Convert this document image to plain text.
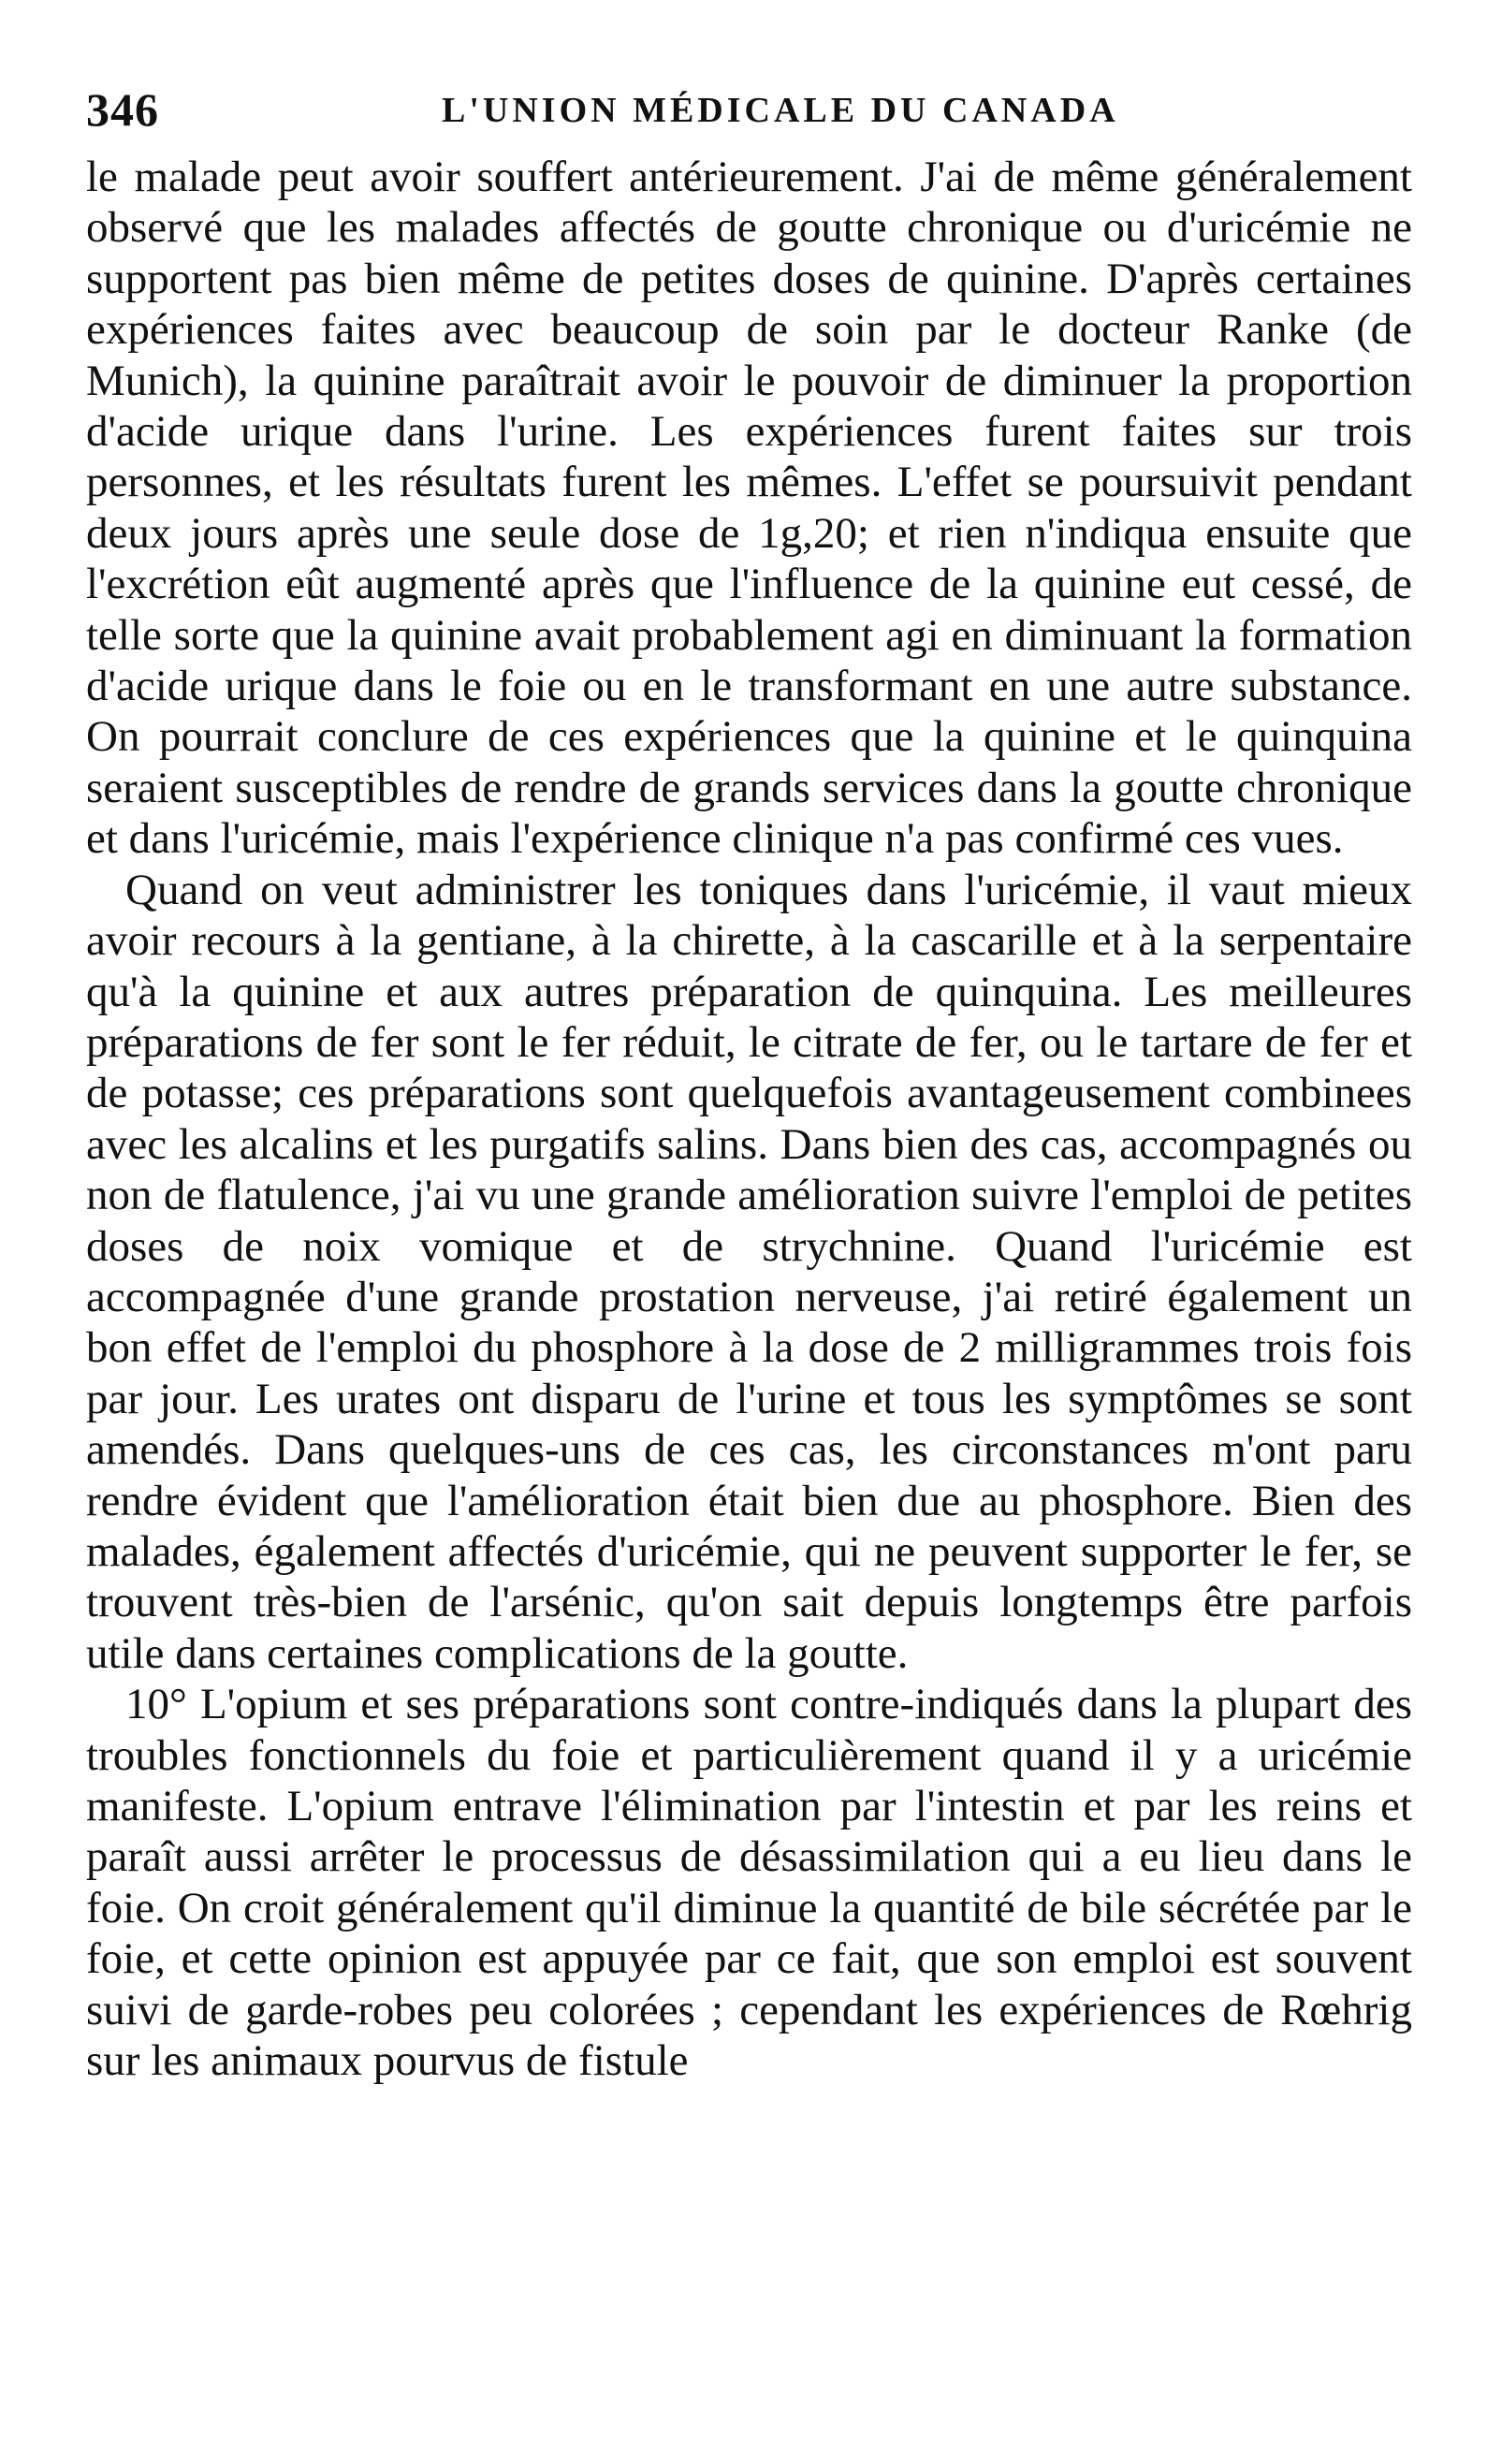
346	L'UNION MÉDICALE DU CANADA

le malade peut avoir souffert antérieurement. J'ai de même généralement observé que les malades affectés de goutte chronique ou d'uricémie ne supportent pas bien même de petites doses de quinine. D'après certaines expériences faites avec beaucoup de soin par le docteur Ranke (de Munich), la quinine paraîtrait avoir le pouvoir de diminuer la proportion d'acide urique dans l'urine. Les expériences furent faites sur trois personnes, et les résultats furent les mêmes. L'effet se poursuivit pendant deux jours après une seule dose de 1g,20; et rien n'indiqua ensuite que l'excrétion eût augmenté après que l'influence de la quinine eut cessé, de telle sorte que la quinine avait probablement agi en diminuant la formation d'acide urique dans le foie ou en le transformant en une autre substance. On pourrait conclure de ces expériences que la quinine et le quinquina seraient susceptibles de rendre de grands services dans la goutte chronique et dans l'uricémie, mais l'expérience clinique n'a pas confirmé ces vues.

Quand on veut administrer les toniques dans l'uricémie, il vaut mieux avoir recours à la gentiane, à la chirette, à la cascarille et à la serpentaire qu'à la quinine et aux autres préparation de quinquina. Les meilleures préparations de fer sont le fer réduit, le citrate de fer, ou le tartare de fer et de potasse; ces préparations sont quelquefois avantageusement combinees avec les alcalins et les purgatifs salins. Dans bien des cas, accompagnés ou non de flatulence, j'ai vu une grande amélioration suivre l'emploi de petites doses de noix vomique et de strychnine. Quand l'uricémie est accompagnée d'une grande prostation nerveuse, j'ai retiré également un bon effet de l'emploi du phosphore à la dose de 2 milligrammes trois fois par jour. Les urates ont disparu de l'urine et tous les symptômes se sont amendés. Dans quelques-uns de ces cas, les circonstances m'ont paru rendre évident que l'amélioration était bien due au phosphore. Bien des malades, également affectés d'uricémie, qui ne peuvent supporter le fer, se trouvent très-bien de l'arsénic, qu'on sait depuis longtemps être parfois utile dans certaines complications de la goutte.

10° L'opium et ses préparations sont contre-indiqués dans la plupart des troubles fonctionnels du foie et particulièrement quand il y a uricémie manifeste. L'opium entrave l'élimination par l'intestin et par les reins et paraît aussi arrêter le processus de désassimilation qui a eu lieu dans le foie. On croit généralement qu'il diminue la quantité de bile sécrétée par le foie, et cette opinion est appuyée par ce fait, que son emploi est souvent suivi de garde-robes peu colorées ; cependant les expériences de Rœhrig sur les animaux pourvus de fistule
